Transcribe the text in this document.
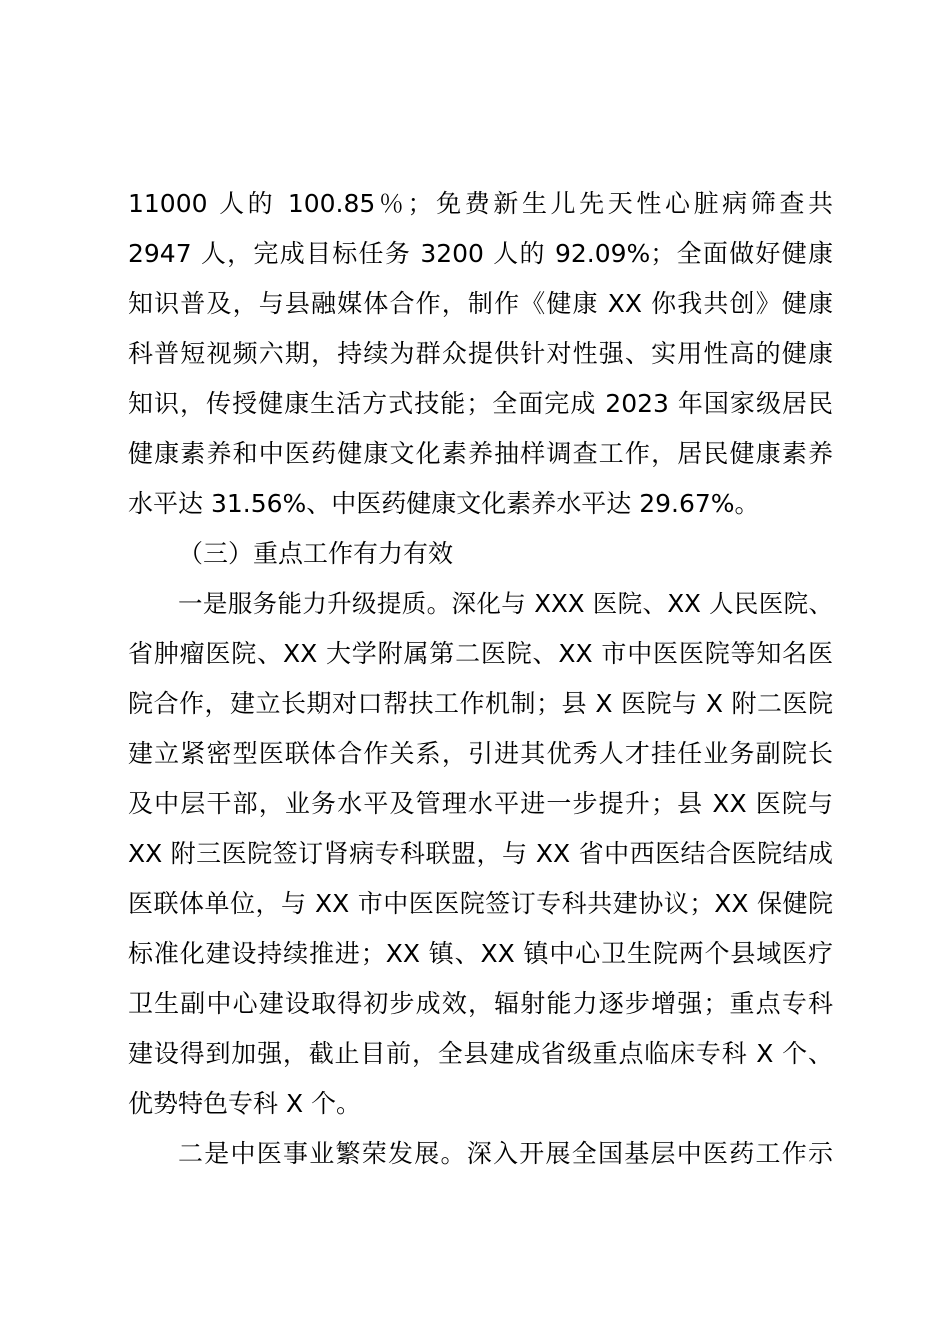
11000 人的 100.85％；免费新生儿先天性心脏病筛查共
2947 人，完成目标任务 3200 人的 92.09%；全面做好健康
知识普及，与县融媒体合作，制作《健康 XX 你我共创》健康
科普短视频六期，持续为群众提供针对性强、实用性高的健康
知识，传授健康生活方式技能；全面完成 2023 年国家级居民
健康素养和中医药健康文化素养抽样调查工作，居民健康素养
水平达 31.56%、中医药健康文化素养水平达 29.67%。
（三）重点工作有力有效
一是服务能力升级提质。深化与 XXX 医院、XX 人民医院、
省肿瘤医院、XX 大学附属第二医院、XX 市中医医院等知名医
院合作，建立长期对口帮扶工作机制；县 X 医院与 X 附二医院
建立紧密型医联体合作关系，引进其优秀人才挂任业务副院长
及中层干部，业务水平及管理水平进一步提升；县 XX 医院与
XX 附三医院签订肾病专科联盟，与 XX 省中西医结合医院结成
医联体单位，与 XX 市中医医院签订专科共建协议；XX 保健院
标准化建设持续推进；XX 镇、XX 镇中心卫生院两个县域医疗
卫生副中心建设取得初步成效，辐射能力逐步增强；重点专科
建设得到加强，截止目前，全县建成省级重点临床专科 X 个、
优势特色专科 X 个。
二是中医事业繁荣发展。深入开展全国基层中医药工作示
